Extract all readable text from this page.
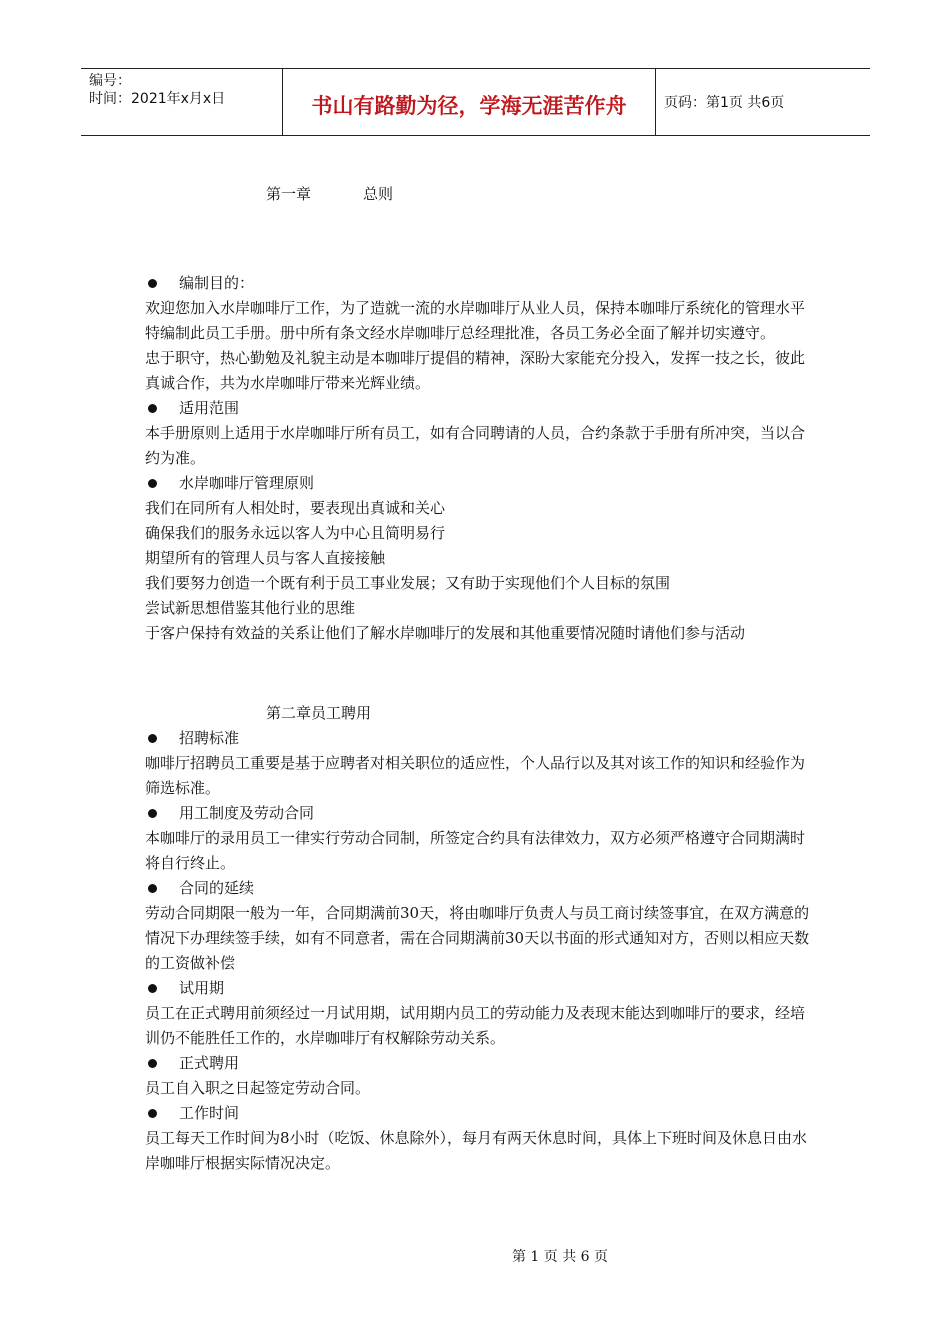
编号：
时间：2021年x月x日	书山有路勤为径，学海无涯苦作舟	页码：第1页 共6页
第一章	总则
编制目的：

欢迎您加入水岸咖啡厅工作，为了造就一流的水岸咖啡厅从业人员，保持本咖啡厅系统化的管理水平特编制此员工手册。册中所有条文经水岸咖啡厅总经理批准，各员工务必全面了解并切实遵守。

忠于职守，热心勤勉及礼貌主动是本咖啡厅提倡的精神，深盼大家能充分投入，发挥一技之长，彼此真诚合作，共为水岸咖啡厅带来光辉业绩。

适用范围

本手册原则上适用于水岸咖啡厅所有员工，如有合同聘请的人员，合约条款于手册有所冲突，当以合约为准。

水岸咖啡厅管理原则

我们在同所有人相处时，要表现出真诚和关心

确保我们的服务永远以客人为中心且简明易行

期望所有的管理人员与客人直接接触

我们要努力创造一个既有利于员工事业发展；又有助于实现他们个人目标的氛围

尝试新思想借鉴其他行业的思维

于客户保持有效益的关系让他们了解水岸咖啡厅的发展和其他重要情况随时请他们参与活动

第二章员工聘用
招聘标准

咖啡厅招聘员工重要是基于应聘者对相关职位的适应性，个人品行以及其对该工作的知识和经验作为筛选标准。

用工制度及劳动合同

本咖啡厅的录用员工一律实行劳动合同制，所签定合约具有法律效力，双方必须严格遵守合同期满时将自行终止。

合同的延续

劳动合同期限一般为一年，合同期满前30天，将由咖啡厅负责人与员工商讨续签事宜，在双方满意的情况下办理续签手续，如有不同意者，需在合同期满前30天以书面的形式通知对方，否则以相应天数的工资做补偿

试用期

员工在正式聘用前须经过一月试用期，试用期内员工的劳动能力及表现末能达到咖啡厅的要求，经培训仍不能胜任工作的，水岸咖啡厅有权解除劳动关系。

正式聘用

员工自入职之日起签定劳动合同。

工作时间

员工每天工作时间为8小时（吃饭、休息除外），每月有两天休息时间，具体上下班时间及休息日由水岸咖啡厅根据实际情况决定。

第 1 页 共 6 页
